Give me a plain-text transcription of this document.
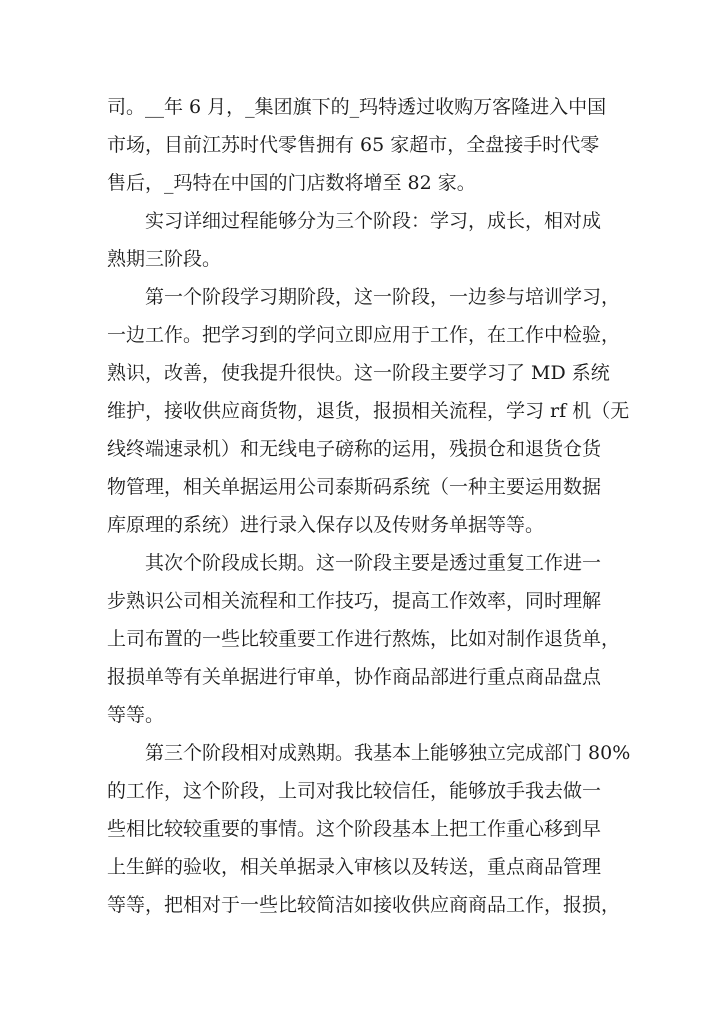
司。__年 6 月，_集团旗下的_玛特透过收购万客隆进入中国
市场，目前江苏时代零售拥有 65 家超市，全盘接手时代零
售后，_玛特在中国的门店数将增至 82 家。
实习详细过程能够分为三个阶段：学习，成长，相对成
熟期三阶段。
第一个阶段学习期阶段，这一阶段，一边参与培训学习，
一边工作。把学习到的学问立即应用于工作，在工作中检验，
熟识，改善，使我提升很快。这一阶段主要学习了 MD 系统
维护，接收供应商货物，退货，报损相关流程，学习 rf 机（无
线终端速录机）和无线电子磅称的运用，残损仓和退货仓货
物管理，相关单据运用公司泰斯码系统（一种主要运用数据
库原理的系统）进行录入保存以及传财务单据等等。
其次个阶段成长期。这一阶段主要是透过重复工作进一
步熟识公司相关流程和工作技巧，提高工作效率，同时理解
上司布置的一些比较重要工作进行熬炼，比如对制作退货单，
报损单等有关单据进行审单，协作商品部进行重点商品盘点
等等。
第三个阶段相对成熟期。我基本上能够独立完成部门 80%
的工作，这个阶段，上司对我比较信任，能够放手我去做一
些相比较较重要的事情。这个阶段基本上把工作重心移到早
上生鲜的验收，相关单据录入审核以及转送，重点商品管理
等等，把相对于一些比较简洁如接收供应商商品工作，报损，
